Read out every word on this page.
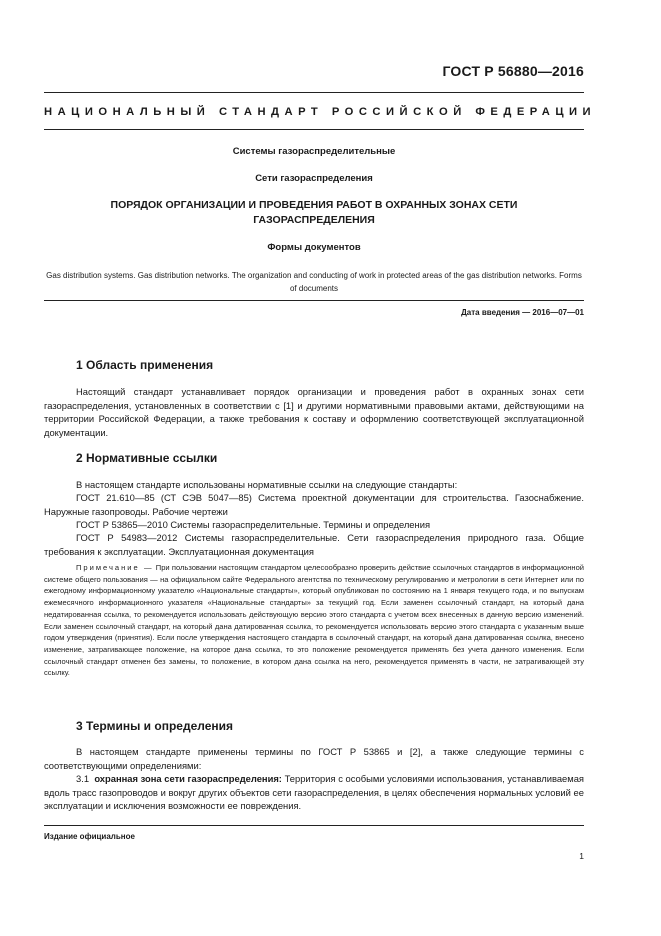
ГОСТ Р 56880—2016
НАЦИОНАЛЬНЫЙ СТАНДАРТ РОССИЙСКОЙ ФЕДЕРАЦИИ
Системы газораспределительные
Сети газораспределения
ПОРЯДОК ОРГАНИЗАЦИИ И ПРОВЕДЕНИЯ РАБОТ В ОХРАННЫХ ЗОНАХ СЕТИ ГАЗОРАСПРЕДЕЛЕНИЯ
Формы документов
Gas distribution systems. Gas distribution networks. The organization and conducting of work in protected areas of the gas distribution networks. Forms of documents
Дата введения — 2016—07—01
1 Область применения

Настоящий стандарт устанавливает порядок организации и проведения работ в охранных зонах сети газораспределения, установленных в соответствии с [1] и другими нормативными правовыми актами, действующими на территории Российской Федерации, а также требования к составу и оформлению соответствующей эксплуатационной документации.

2 Нормативные ссылки

В настоящем стандарте использованы нормативные ссылки на следующие стандарты:

ГОСТ 21.610—85 (СТ СЭВ 5047—85) Система проектной документации для строительства. Газоснабжение. Наружные газопроводы. Рабочие чертежи

ГОСТ Р 53865—2010 Системы газораспределительные. Термины и определения

ГОСТ Р 54983—2012 Системы газораспределительные. Сети газораспределения природного газа. Общие требования к эксплуатации. Эксплуатационная документация

Примечание — При пользовании настоящим стандартом целесообразно проверить действие ссылочных стандартов в информационной системе общего пользования — на официальном сайте Федерального агентства по техническому регулированию и метрологии в сети Интернет или по ежегодному информационному указателю «Национальные стандарты», который опубликован по состоянию на 1 января текущего года, и по выпускам ежемесячного информационного указателя «Национальные стандарты» за текущий год. Если заменен ссылочный стандарт, на который дана недатированная ссылка, то рекомендуется использовать действующую версию этого стандарта с учетом всех внесенных в данную версию изменений. Если заменен ссылочный стандарт, на который дана датированная ссылка, то рекомендуется использовать версию этого стандарта с указанным выше годом утверждения (принятия). Если после утверждения настоящего стандарта в ссылочный стандарт, на который дана датированная ссылка, внесено изменение, затрагивающее положение, на которое дана ссылка, то это положение рекомендуется применять без учета данного изменения. Если ссылочный стандарт отменен без замены, то положение, в котором дана ссылка на него, рекомендуется применять в части, не затрагивающей эту ссылку.

3 Термины и определения

В настоящем стандарте применены термины по ГОСТ Р 53865 и [2], а также следующие термины с соответствующими определениями:

3.1 охранная зона сети газораспределения: Территория с особыми условиями использования, устанавливаемая вдоль трасс газопроводов и вокруг других объектов сети газораспределения, в целях обеспечения нормальных условий ее эксплуатации и исключения возможности ее повреждения.

Издание официальное
1
